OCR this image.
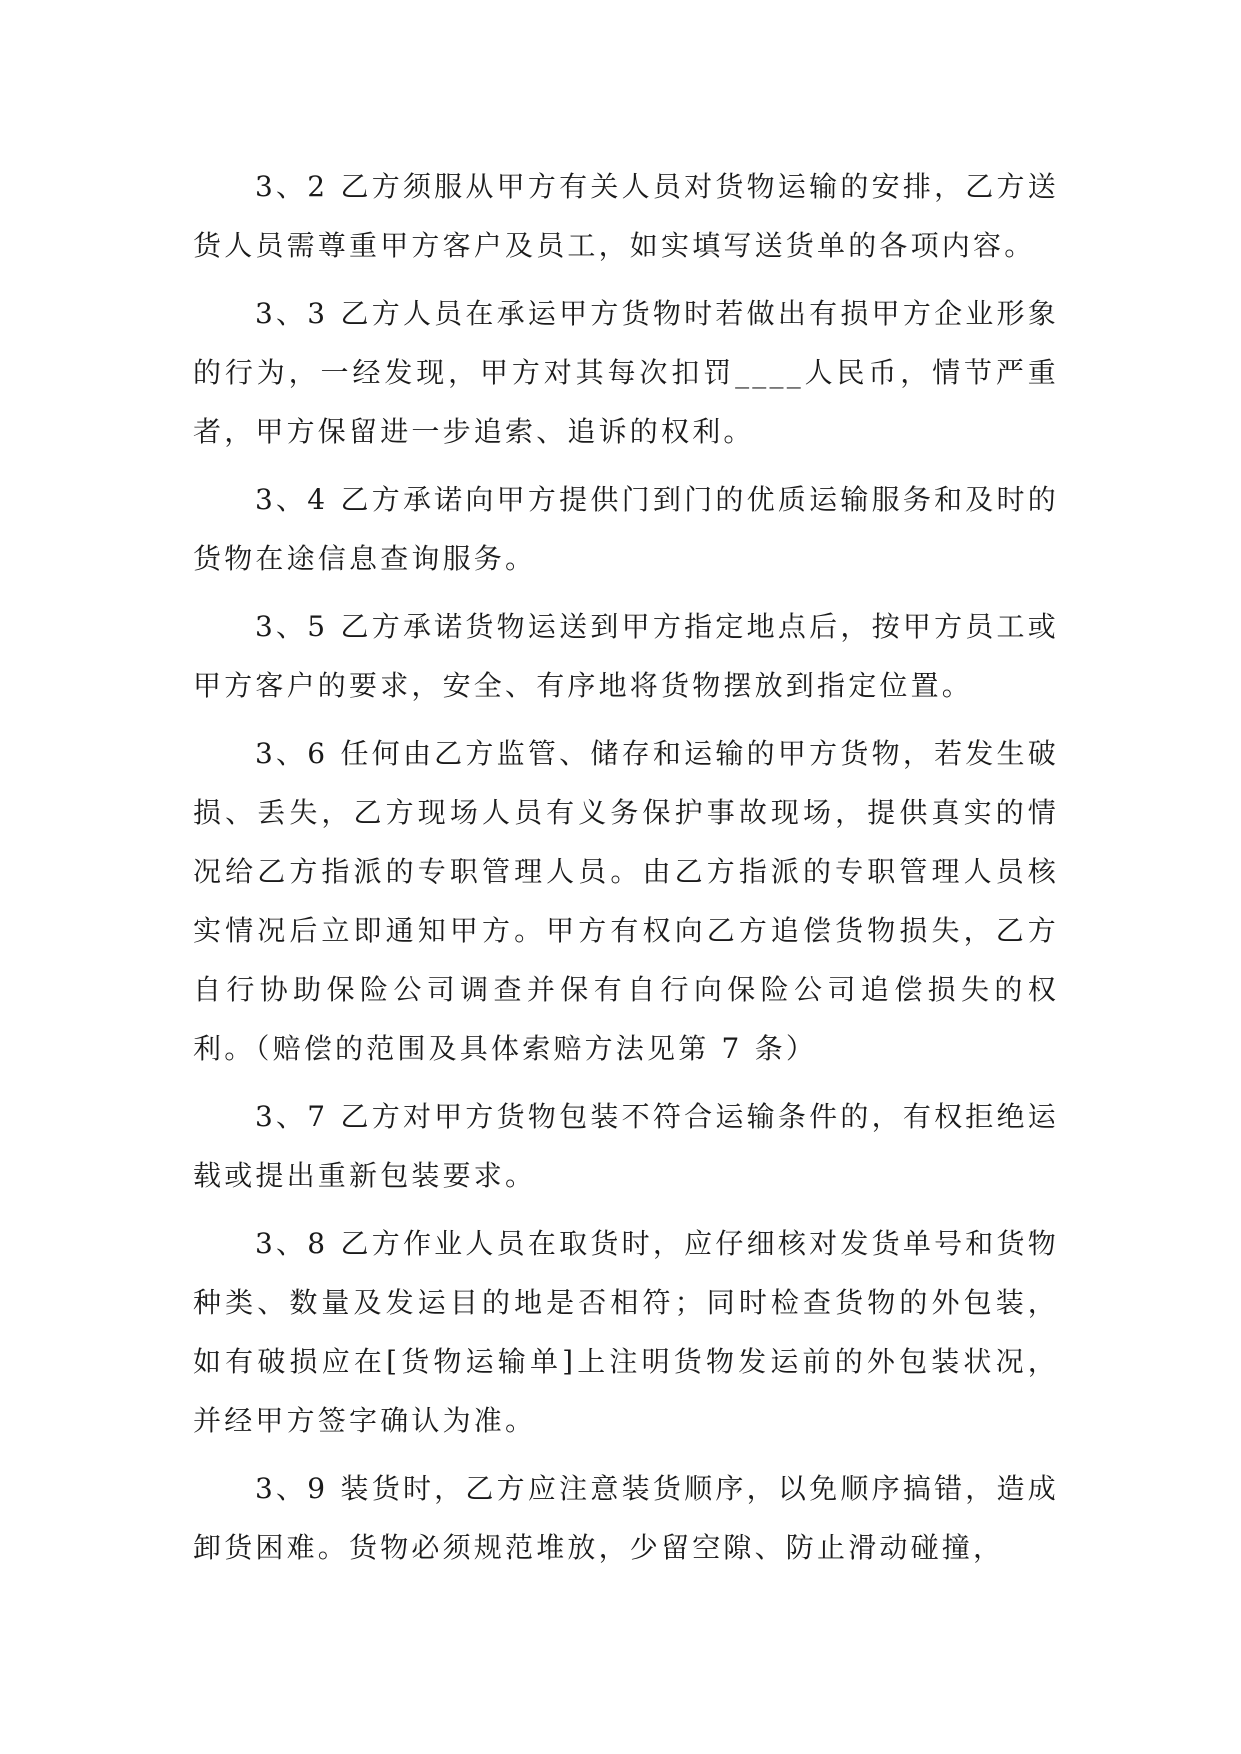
3、2 乙方须服从甲方有关人员对货物运输的安排，乙方送货人员需尊重甲方客户及员工，如实填写送货单的各项内容。

3、3 乙方人员在承运甲方货物时若做出有损甲方企业形象的行为，一经发现，甲方对其每次扣罚____人民币，情节严重者，甲方保留进一步追索、追诉的权利。

3、4 乙方承诺向甲方提供门到门的优质运输服务和及时的货物在途信息查询服务。

3、5 乙方承诺货物运送到甲方指定地点后，按甲方员工或甲方客户的要求，安全、有序地将货物摆放到指定位置。

3、6 任何由乙方监管、储存和运输的甲方货物，若发生破损、丢失，乙方现场人员有义务保护事故现场，提供真实的情况给乙方指派的专职管理人员。由乙方指派的专职管理人员核实情况后立即通知甲方。甲方有权向乙方追偿货物损失，乙方自行协助保险公司调查并保有自行向保险公司追偿损失的权利。（赔偿的范围及具体索赔方法见第 7 条）

3、7 乙方对甲方货物包装不符合运输条件的，有权拒绝运载或提出重新包装要求。

3、8 乙方作业人员在取货时，应仔细核对发货单号和货物种类、数量及发运目的地是否相符；同时检查货物的外包装，如有破损应在[货物运输单]上注明货物发运前的外包装状况，并经甲方签字确认为准。

3、9 装货时，乙方应注意装货顺序，以免顺序搞错，造成卸货困难。货物必须规范堆放，少留空隙、防止滑动碰撞，
